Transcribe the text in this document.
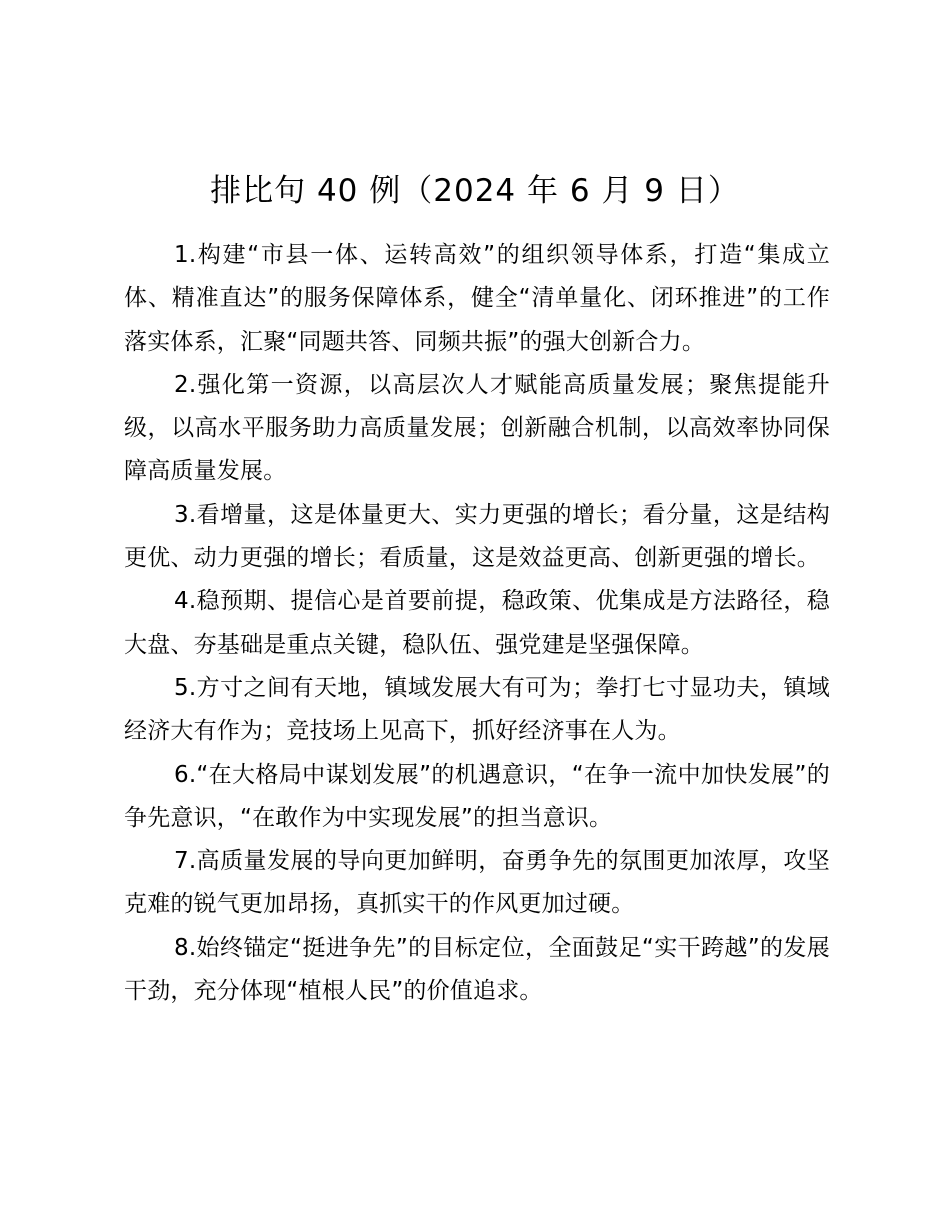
排比句 40 例（2024 年 6 月 9 日）

1.构建“市县一体、运转高效”的组织领导体系，打造“集成立体、精准直达”的服务保障体系，健全“清单量化、闭环推进”的工作落实体系，汇聚“同题共答、同频共振”的强大创新合力。

2.强化第一资源，以高层次人才赋能高质量发展；聚焦提能升级，以高水平服务助力高质量发展；创新融合机制，以高效率协同保障高质量发展。

3.看增量，这是体量更大、实力更强的增长；看分量，这是结构更优、动力更强的增长；看质量，这是效益更高、创新更强的增长。

4.稳预期、提信心是首要前提，稳政策、优集成是方法路径，稳大盘、夯基础是重点关键，稳队伍、强党建是坚强保障。

5.方寸之间有天地，镇域发展大有可为；拳打七寸显功夫，镇域经济大有作为；竞技场上见高下，抓好经济事在人为。

6.“在大格局中谋划发展”的机遇意识，“在争一流中加快发展”的争先意识，“在敢作为中实现发展”的担当意识。

7.高质量发展的导向更加鲜明，奋勇争先的氛围更加浓厚，攻坚克难的锐气更加昂扬，真抓实干的作风更加过硬。

8.始终锚定“挺进争先”的目标定位，全面鼓足“实干跨越”的发展干劲，充分体现“植根人民”的价值追求。
